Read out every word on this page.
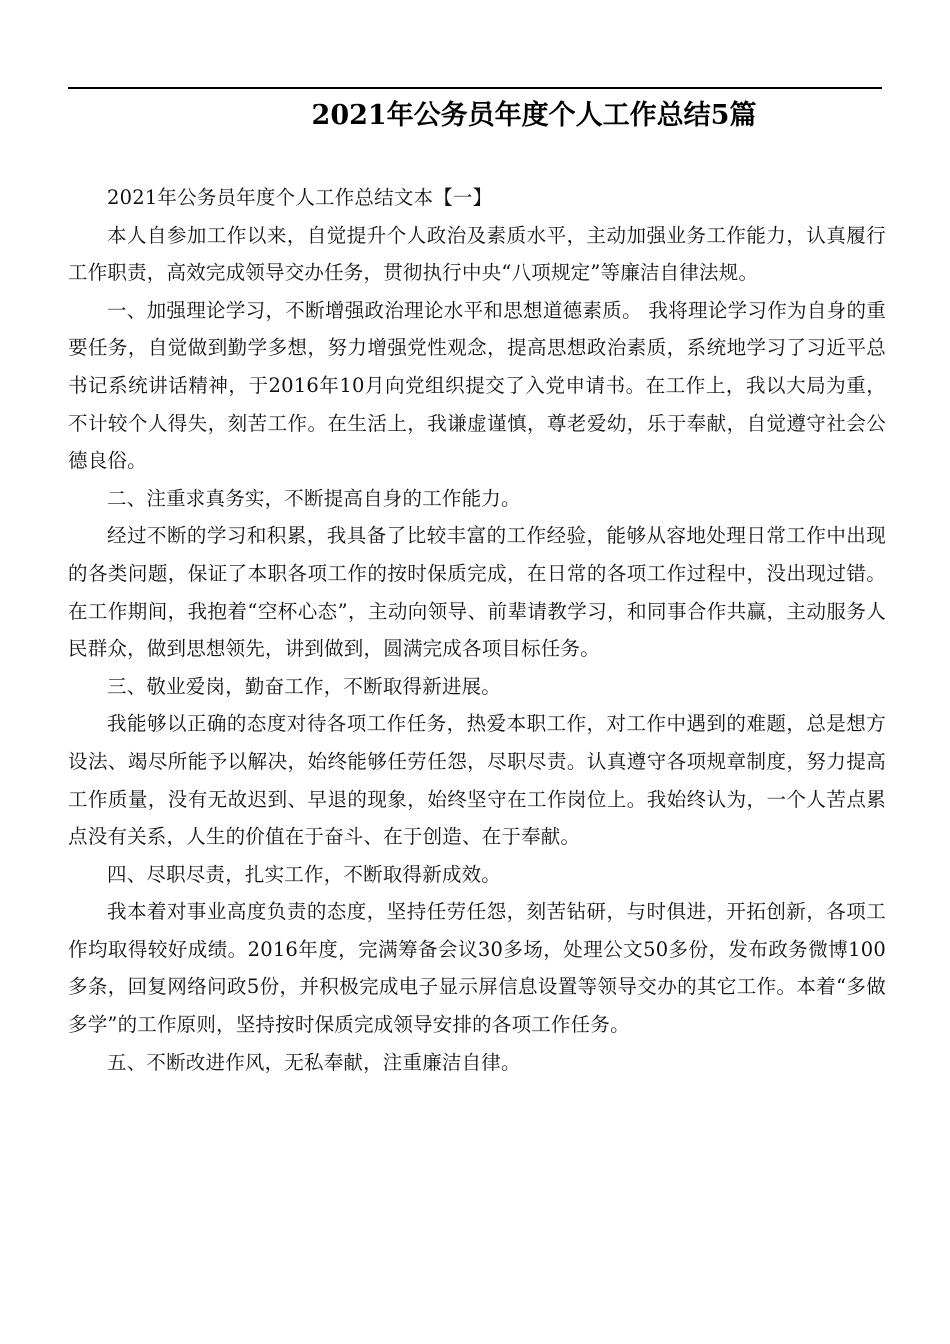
2021年公务员年度个人工作总结5篇

2021年公务员年度个人工作总结文本【一】

本人自参加工作以来，自觉提升个人政治及素质水平，主动加强业务工作能力，认真履行工作职责，高效完成领导交办任务，贯彻执行中央“八项规定”等廉洁自律法规。

一、加强理论学习，不断增强政治理论水平和思想道德素质。 我将理论学习作为自身的重要任务，自觉做到勤学多想，努力增强党性观念，提高思想政治素质，系统地学习了习近平总书记系统讲话精神，于2016年10月向党组织提交了入党申请书。在工作上，我以大局为重，不计较个人得失，刻苦工作。在生活上，我谦虚谨慎，尊老爱幼，乐于奉献，自觉遵守社会公德良俗。

二、注重求真务实，不断提高自身的工作能力。

经过不断的学习和积累，我具备了比较丰富的工作经验，能够从容地处理日常工作中出现的各类问题，保证了本职各项工作的按时保质完成，在日常的各项工作过程中，没出现过错。在工作期间，我抱着“空杯心态”，主动向领导、前辈请教学习，和同事合作共赢，主动服务人民群众，做到思想领先，讲到做到，圆满完成各项目标任务。

三、敬业爱岗，勤奋工作，不断取得新进展。

我能够以正确的态度对待各项工作任务，热爱本职工作，对工作中遇到的难题，总是想方设法、竭尽所能予以解决，始终能够任劳任怨，尽职尽责。认真遵守各项规章制度，努力提高工作质量，没有无故迟到、早退的现象，始终坚守在工作岗位上。我始终认为，一个人苦点累点没有关系，人生的价值在于奋斗、在于创造、在于奉献。

四、尽职尽责，扎实工作，不断取得新成效。

我本着对事业高度负责的态度，坚持任劳任怨，刻苦钻研，与时俱进，开拓创新，各项工作均取得较好成绩。2016年度，完满筹备会议30多场，处理公文50多份，发布政务微博100多条，回复网络问政5份，并积极完成电子显示屏信息设置等领导交办的其它工作。本着“多做多学”的工作原则，坚持按时保质完成领导安排的各项工作任务。

五、不断改进作风，无私奉献，注重廉洁自律。
